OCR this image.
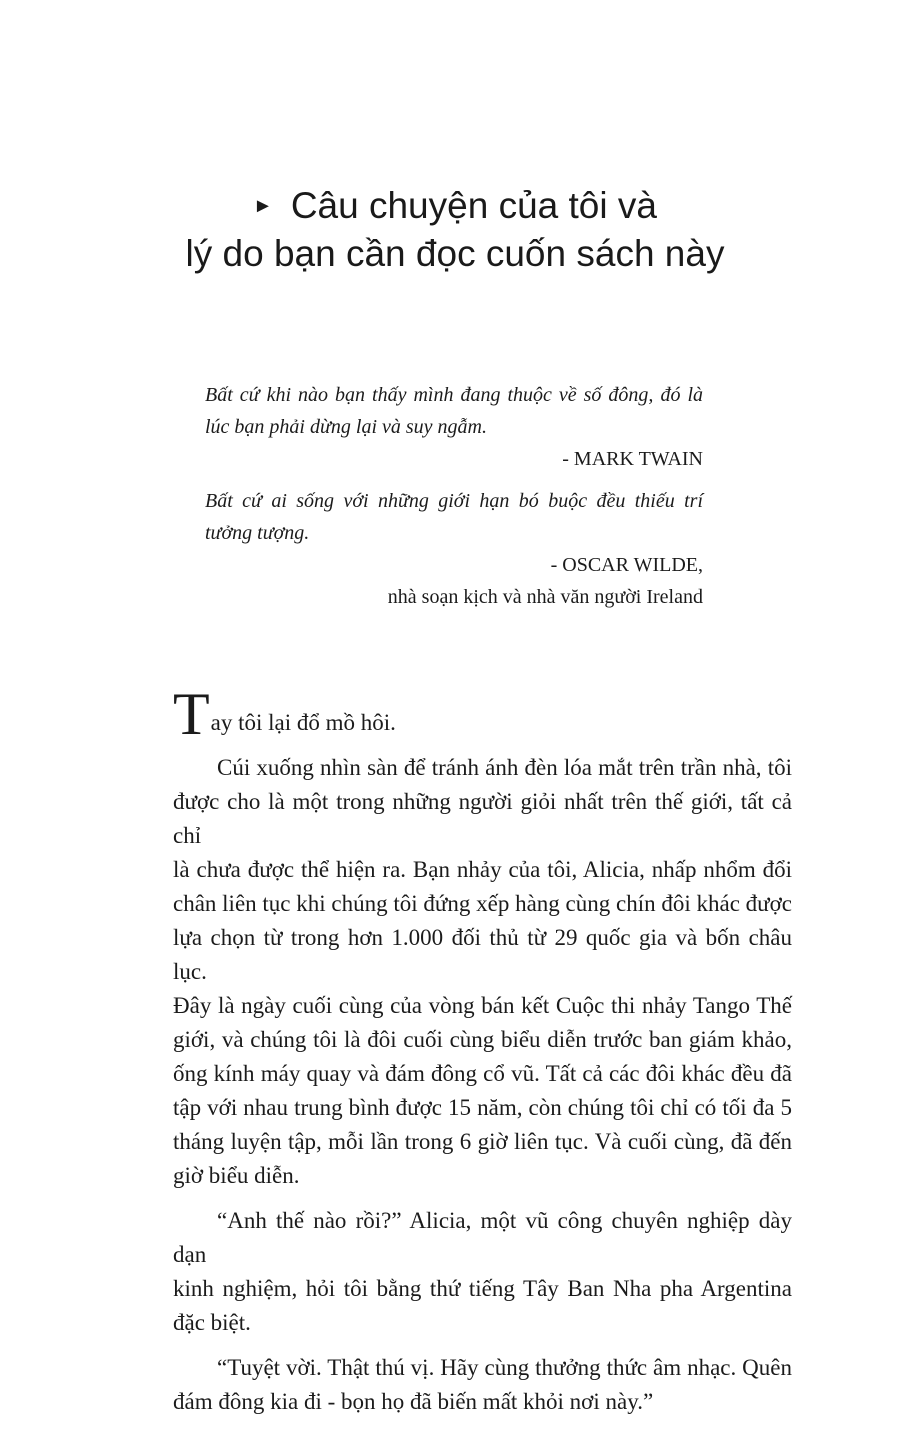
► Câu chuyện của tôi và
lý do bạn cần đọc cuốn sách này

Bất cứ khi nào bạn thấy mình đang thuộc về số đông, đó là
lúc bạn phải dừng lại và suy ngẫm.

- MARK TWAIN

Bất cứ ai sống với những giới hạn bó buộc đều thiếu trí
tưởng tượng.

- OSCAR WILDE,

nhà soạn kịch và nhà văn người Ireland

Tay tôi lại đổ mồ hôi.

Cúi xuống nhìn sàn để tránh ánh đèn lóa mắt trên trần nhà, tôi
được cho là một trong những người giỏi nhất trên thế giới, tất cả chỉ
là chưa được thể hiện ra. Bạn nhảy của tôi, Alicia, nhấp nhổm đổi
chân liên tục khi chúng tôi đứng xếp hàng cùng chín đôi khác được
lựa chọn từ trong hơn 1.000 đối thủ từ 29 quốc gia và bốn châu lục.
Đây là ngày cuối cùng của vòng bán kết Cuộc thi nhảy Tango Thế
giới, và chúng tôi là đôi cuối cùng biểu diễn trước ban giám khảo,
ống kính máy quay và đám đông cổ vũ. Tất cả các đôi khác đều đã
tập với nhau trung bình được 15 năm, còn chúng tôi chỉ có tối đa 5
tháng luyện tập, mỗi lần trong 6 giờ liên tục. Và cuối cùng, đã đến
giờ biểu diễn.

“Anh thế nào rồi?” Alicia, một vũ công chuyên nghiệp dày dạn
kinh nghiệm, hỏi tôi bằng thứ tiếng Tây Ban Nha pha Argentina
đặc biệt.

“Tuyệt vời. Thật thú vị. Hãy cùng thưởng thức âm nhạc. Quên
đám đông kia đi - bọn họ đã biến mất khỏi nơi này.”
